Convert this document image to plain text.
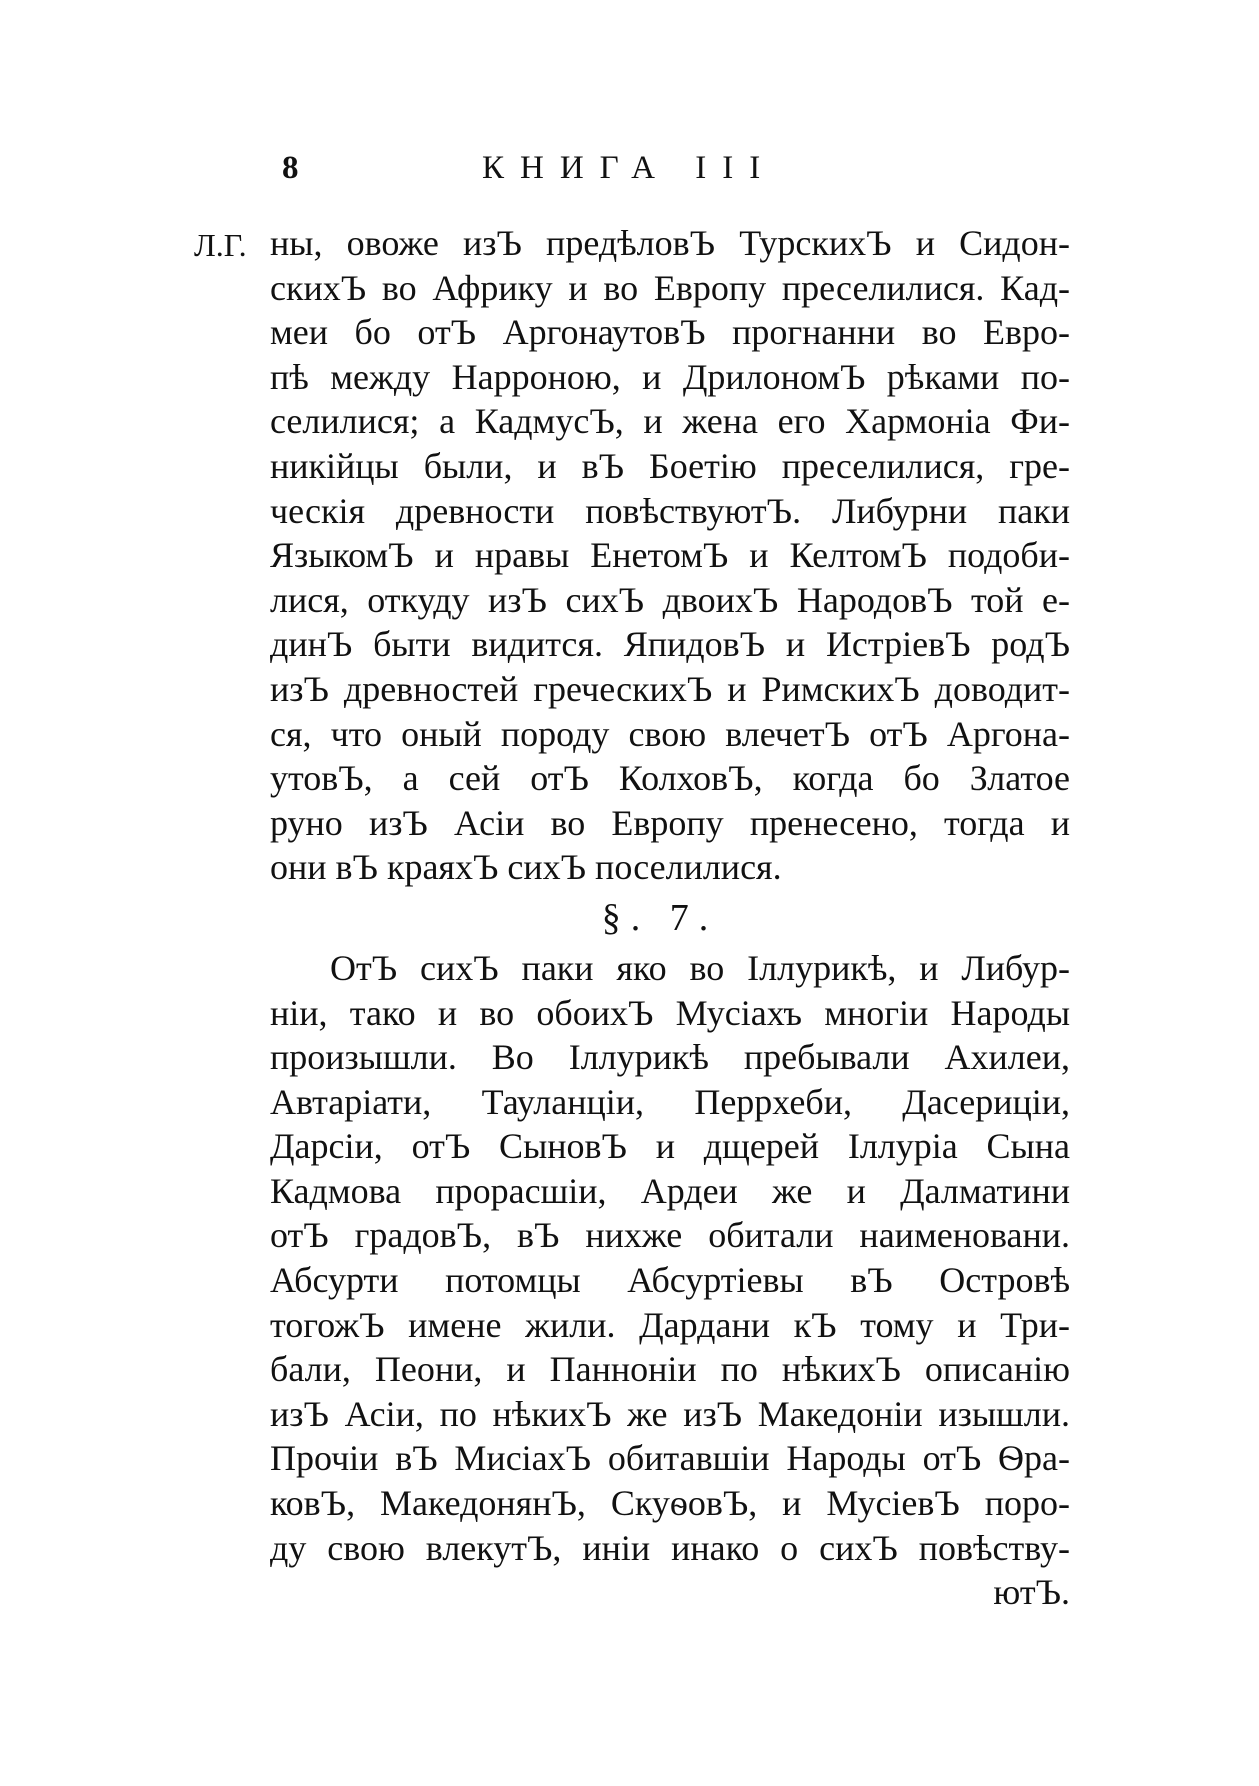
8	КНИГА III
Л.Г. ны, овоже изЪ предѣловЪ ТурскихЪ и Сидон-
скихЪ во Африку и во Европу преселилися. Кад-
меи бо отЪ АргонаутовЪ прогнанни во Евро-
пѣ между Нарроною, и ДрилономЪ рѣками по-
селилися; а КадмусЪ, и жена его Хармонiа Фи-
никiйцы были, и вЪ Боетiю преселилися, гре-
ческiя древности повѣствуютЪ. Либурни паки
ЯзыкомЪ и нравы ЕнетомЪ и КелтомЪ подоби-
лися, откуду изЪ сихЪ двоихЪ НародовЪ той е-
динЪ быти видится. ЯпидовЪ и ИстрiевЪ родЪ
изЪ древностей греческихЪ и РимскихЪ доводит-
ся, что оный породу свою влечетЪ отЪ Аргона-
утовЪ, а сей отЪ КолховЪ, когда бо Златое
руно изЪ Асiи во Европу пренесено, тогда и
они вЪ краяхЪ сихЪ поселилися.
§. 7.
ОтЪ сихЪ паки яко во Iллурикѣ, и Либур-
нiи, тако и во обоихЪ Мусiахъ многiи Народы
произышли. Во Iллурикѣ пребывали Ахилеи,
Автарiати, Тауланцiи, Перрхеби, Дасерицiи,
Дарсiи, отЪ СыновЪ и дщерей Iллурiа Сына
Кадмова прорасшiи, Ардеи же и Далматини
отЪ градовЪ, вЪ нихже обитали наименовани.
Абсурти потомцы Абсуртiевы вЪ Островѣ
тогожЪ имене жили. Дардани кЪ тому и Три-
бали, Пеони, и Паннонiи по нѣкихЪ описанiю
изЪ Асiи, по нѣкихЪ же изЪ Македонiи изышли.
Прочiи вЪ МисiахЪ обитавшiи Народы отЪ Ѳра-
ковЪ, МакедонянЪ, СкуѳовЪ, и МусiевЪ поро-
ду свою влекутЪ, инiи инако о сихЪ повѣству-
ютЪ.
